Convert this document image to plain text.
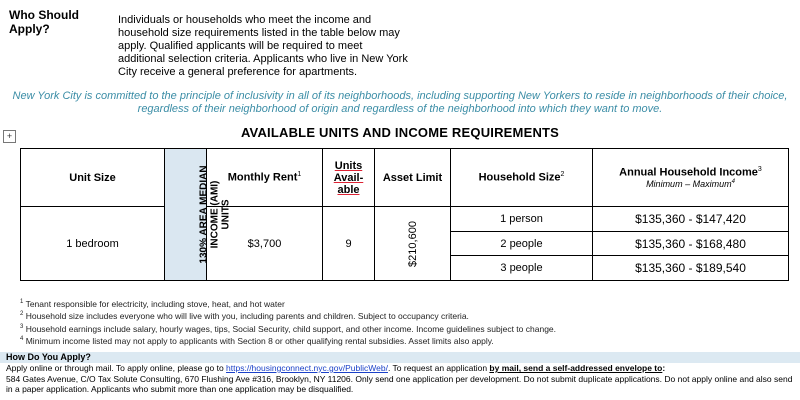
Who Should Apply?
Individuals or households who meet the income and household size requirements listed in the table below may apply. Qualified applicants will be required to meet additional selection criteria. Applicants who live in New York City receive a general preference for apartments.
New York City is committed to the principle of inclusivity in all of its neighborhoods, including supporting New Yorkers to reside in neighborhoods of their choice, regardless of their neighborhood of origin and regardless of the neighborhood into which they want to move.
+	AVAILABLE UNITS AND INCOME REQUIREMENTS
Unit Size	130% AREA MEDIAN INCOME (AMI) UNITS	Monthly Rent$^1$	Units Avail-able	Asset Limit	Household Size$^2$	Annual Household Income$^3$
Minimum – Maximum$^4$

1 bedroom		$3,700	9	$210,600	1 person	$135,360 - $147,420
					2 people	$135,360 - $168,480
					3 people	$135,360 - $189,540
$^1$ Tenant responsible for electricity, including stove, heat, and hot water
$^2$ Household size includes everyone who will live with you, including parents and children. Subject to occupancy criteria.
$^3$ Household earnings include salary, hourly wages, tips, Social Security, child support, and other income. Income guidelines subject to change.
$^4$ Minimum income listed may not apply to applicants with Section 8 or other qualifying rental subsidies. Asset limits also apply.
How Do You Apply?
Apply online or through mail. To apply online, please go to https://housingconnect.nyc.gov/PublicWeb/. To request an application by mail, send a self-addressed envelope to:
584 Gates Avenue, C/O Tax Solute Consulting, 670 Flushing Ave #316, Brooklyn, NY 11206. Only send one application per development. Do not submit duplicate applications. Do not apply online and also send in a paper application. Applicants who submit more than one application may be disqualified.
